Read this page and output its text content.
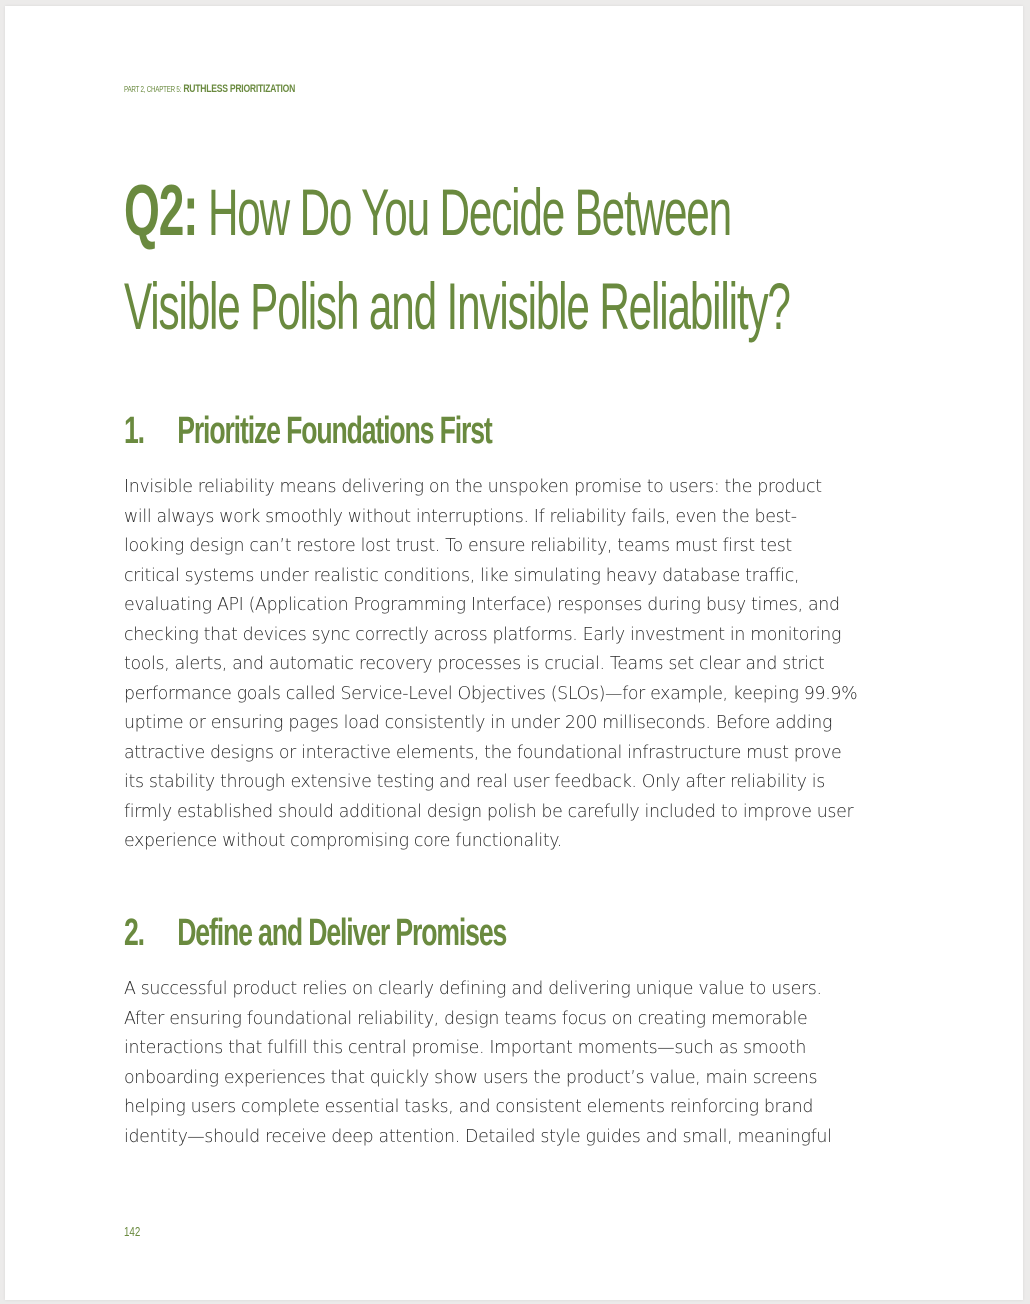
PART 2, CHAPTER 5: RUTHLESS PRIORITIZATION
Q2: How Do You Decide Between
Visible Polish and Invisible Reliability?
1. Prioritize Foundations First
Invisible reliability means delivering on the unspoken promise to users: the product
will always work smoothly without interruptions. If reliability fails, even the best-
looking design can’t restore lost trust. To ensure reliability, teams must first test
critical systems under realistic conditions, like simulating heavy database traffic,
evaluating API (Application Programming Interface) responses during busy times, and
checking that devices sync correctly across platforms. Early investment in monitoring
tools, alerts, and automatic recovery processes is crucial. Teams set clear and strict
performance goals called Service-Level Objectives (SLOs)—for example, keeping 99.9%
uptime or ensuring pages load consistently in under 200 milliseconds. Before adding
attractive designs or interactive elements, the foundational infrastructure must prove
its stability through extensive testing and real user feedback. Only after reliability is
firmly established should additional design polish be carefully included to improve user
experience without compromising core functionality.
2. Define and Deliver Promises
A successful product relies on clearly defining and delivering unique value to users.
After ensuring foundational reliability, design teams focus on creating memorable
interactions that fulfill this central promise. Important moments—such as smooth
onboarding experiences that quickly show users the product’s value, main screens
helping users complete essential tasks, and consistent elements reinforcing brand
identity—should receive deep attention. Detailed style guides and small, meaningful
142
